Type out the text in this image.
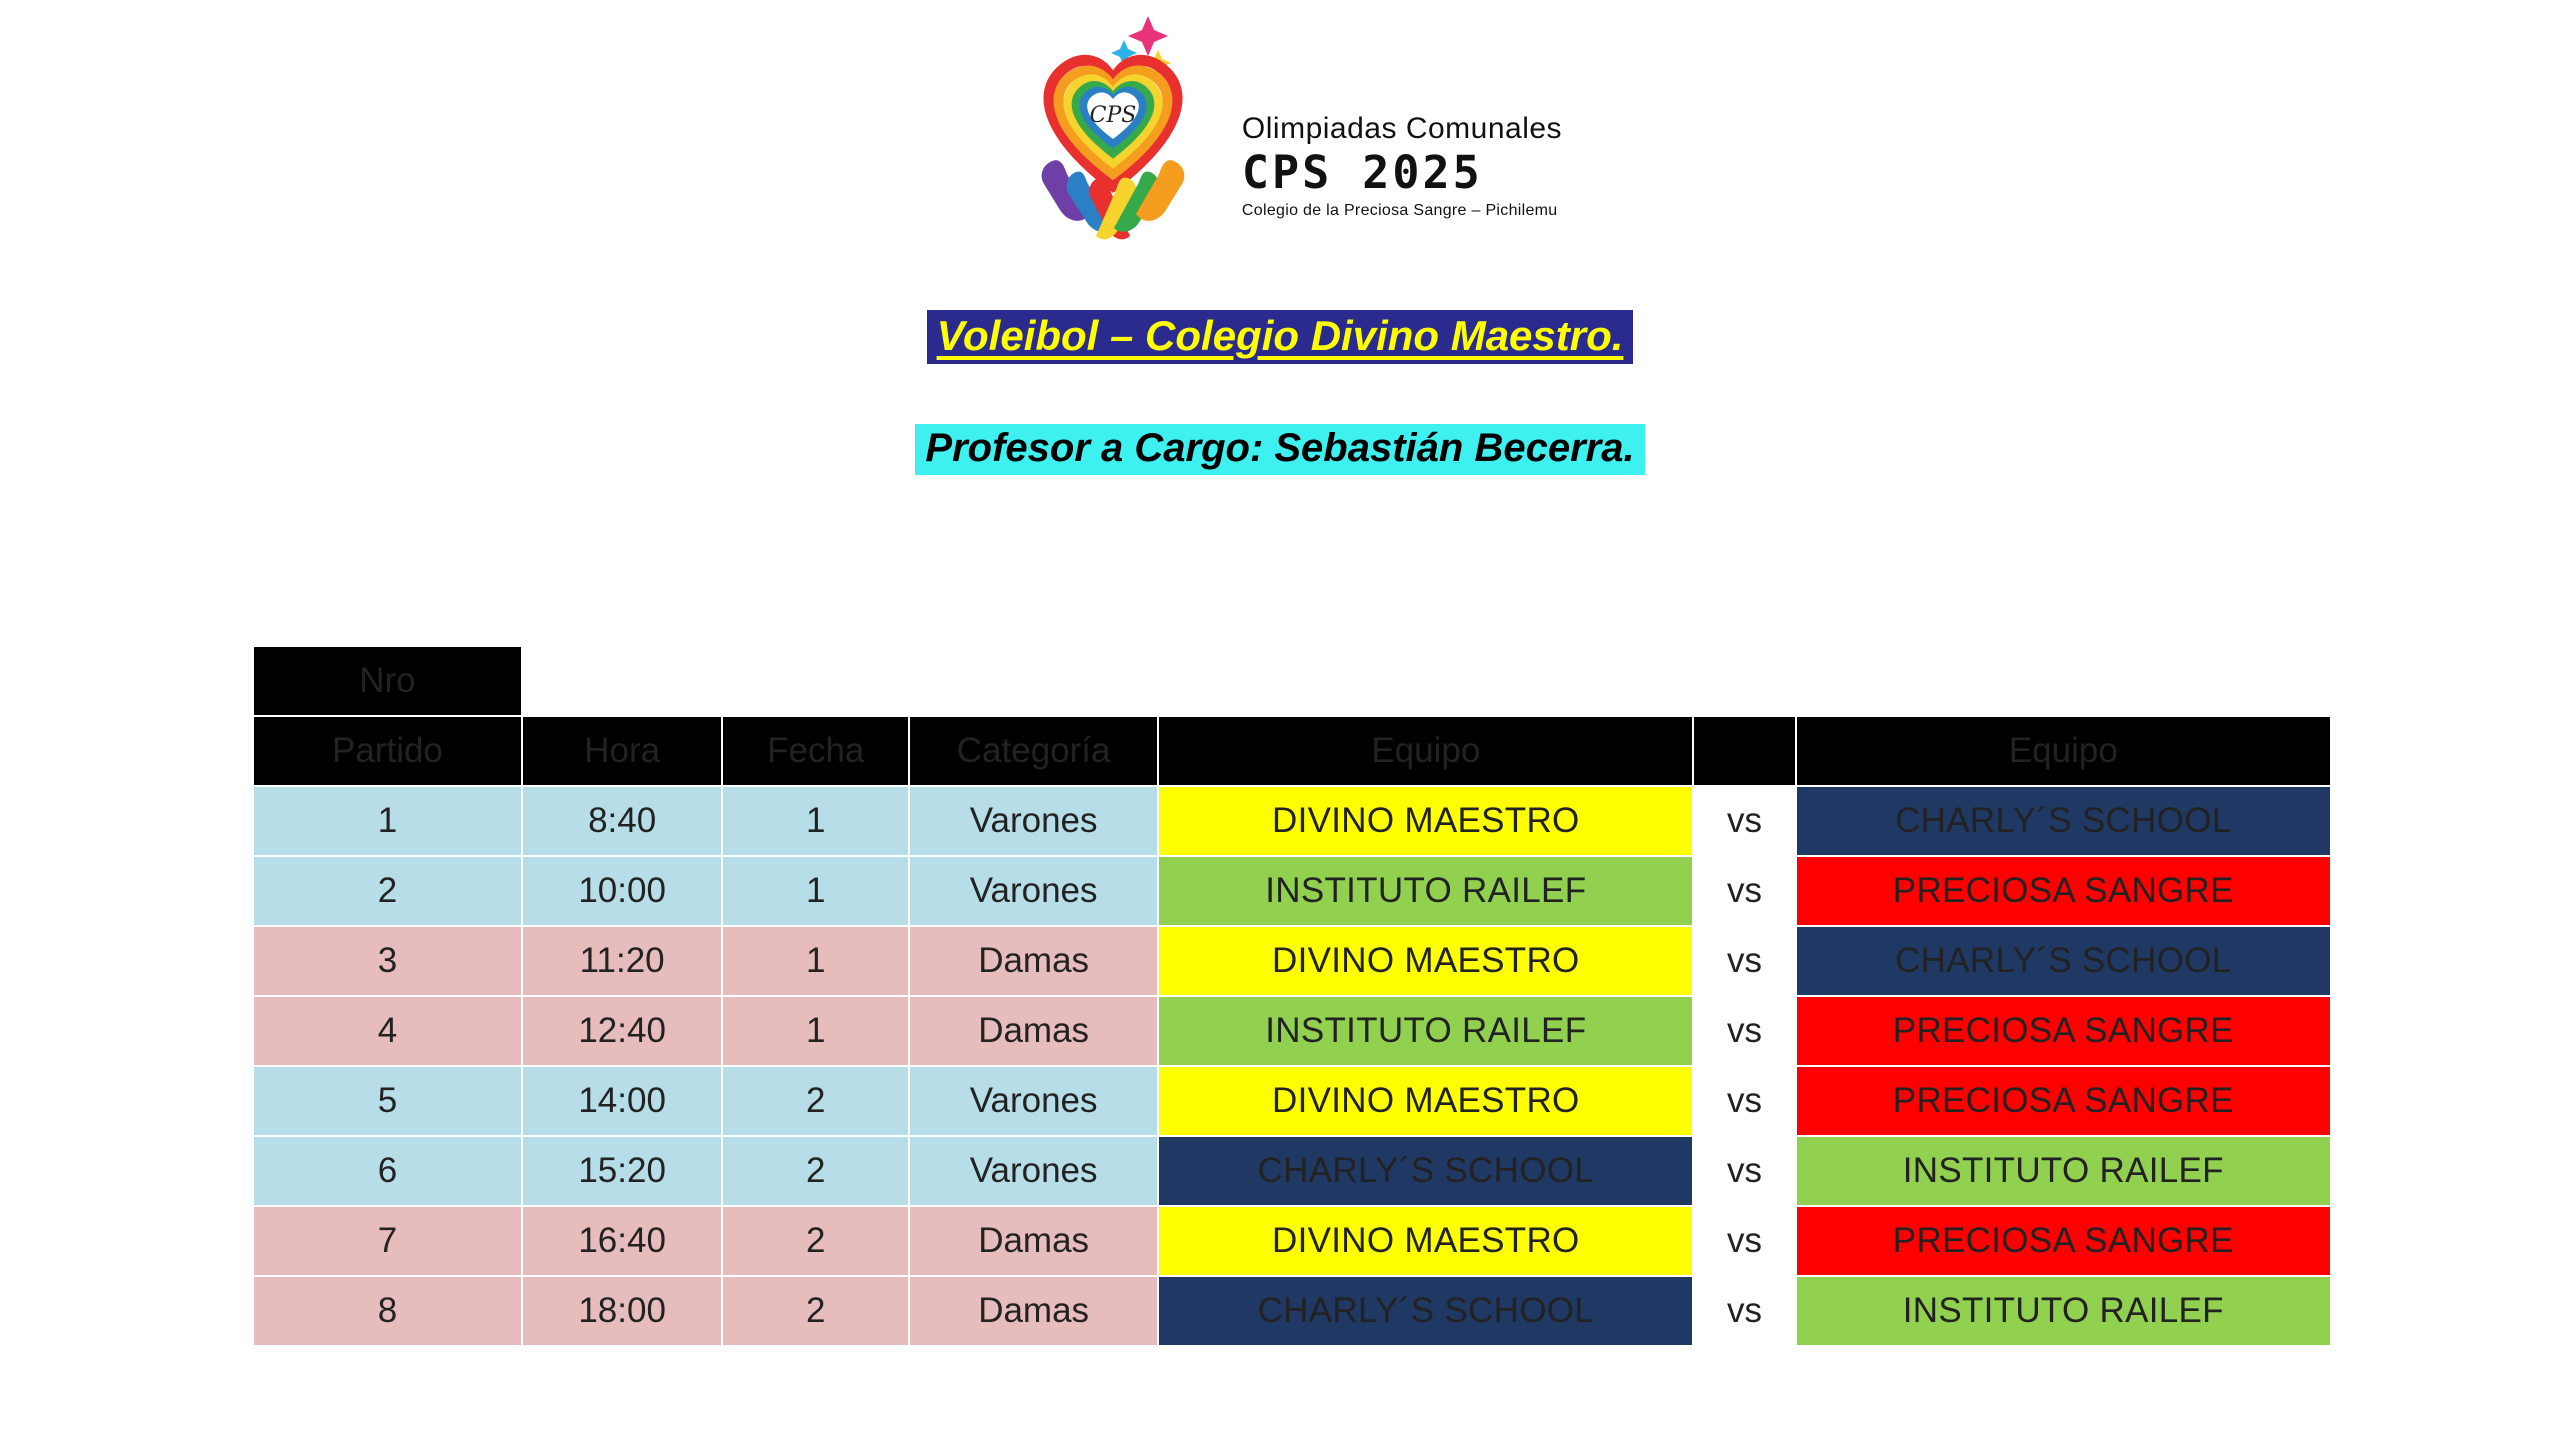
CPS	Olimpiadas Comunales
CPS 2025
Colegio de la Preciosa Sangre – Pichilemu
Voleibol – Colegio Divino Maestro.
Profesor a Cargo: Sebastián Becerra.
Nro						
Partido	Hora	Fecha	Categoría	Equipo		Equipo
1	8:40	1	Varones	DIVINO MAESTRO	vs	CHARLY´S SCHOOL
2	10:00	1	Varones	INSTITUTO RAILEF	vs	PRECIOSA SANGRE
3	11:20	1	Damas	DIVINO MAESTRO	vs	CHARLY´S SCHOOL
4	12:40	1	Damas	INSTITUTO RAILEF	vs	PRECIOSA SANGRE
5	14:00	2	Varones	DIVINO MAESTRO	vs	PRECIOSA SANGRE
6	15:20	2	Varones	CHARLY´S SCHOOL	vs	INSTITUTO RAILEF
7	16:40	2	Damas	DIVINO MAESTRO	vs	PRECIOSA SANGRE
8	18:00	2	Damas	CHARLY´S SCHOOL	vs	INSTITUTO RAILEF
